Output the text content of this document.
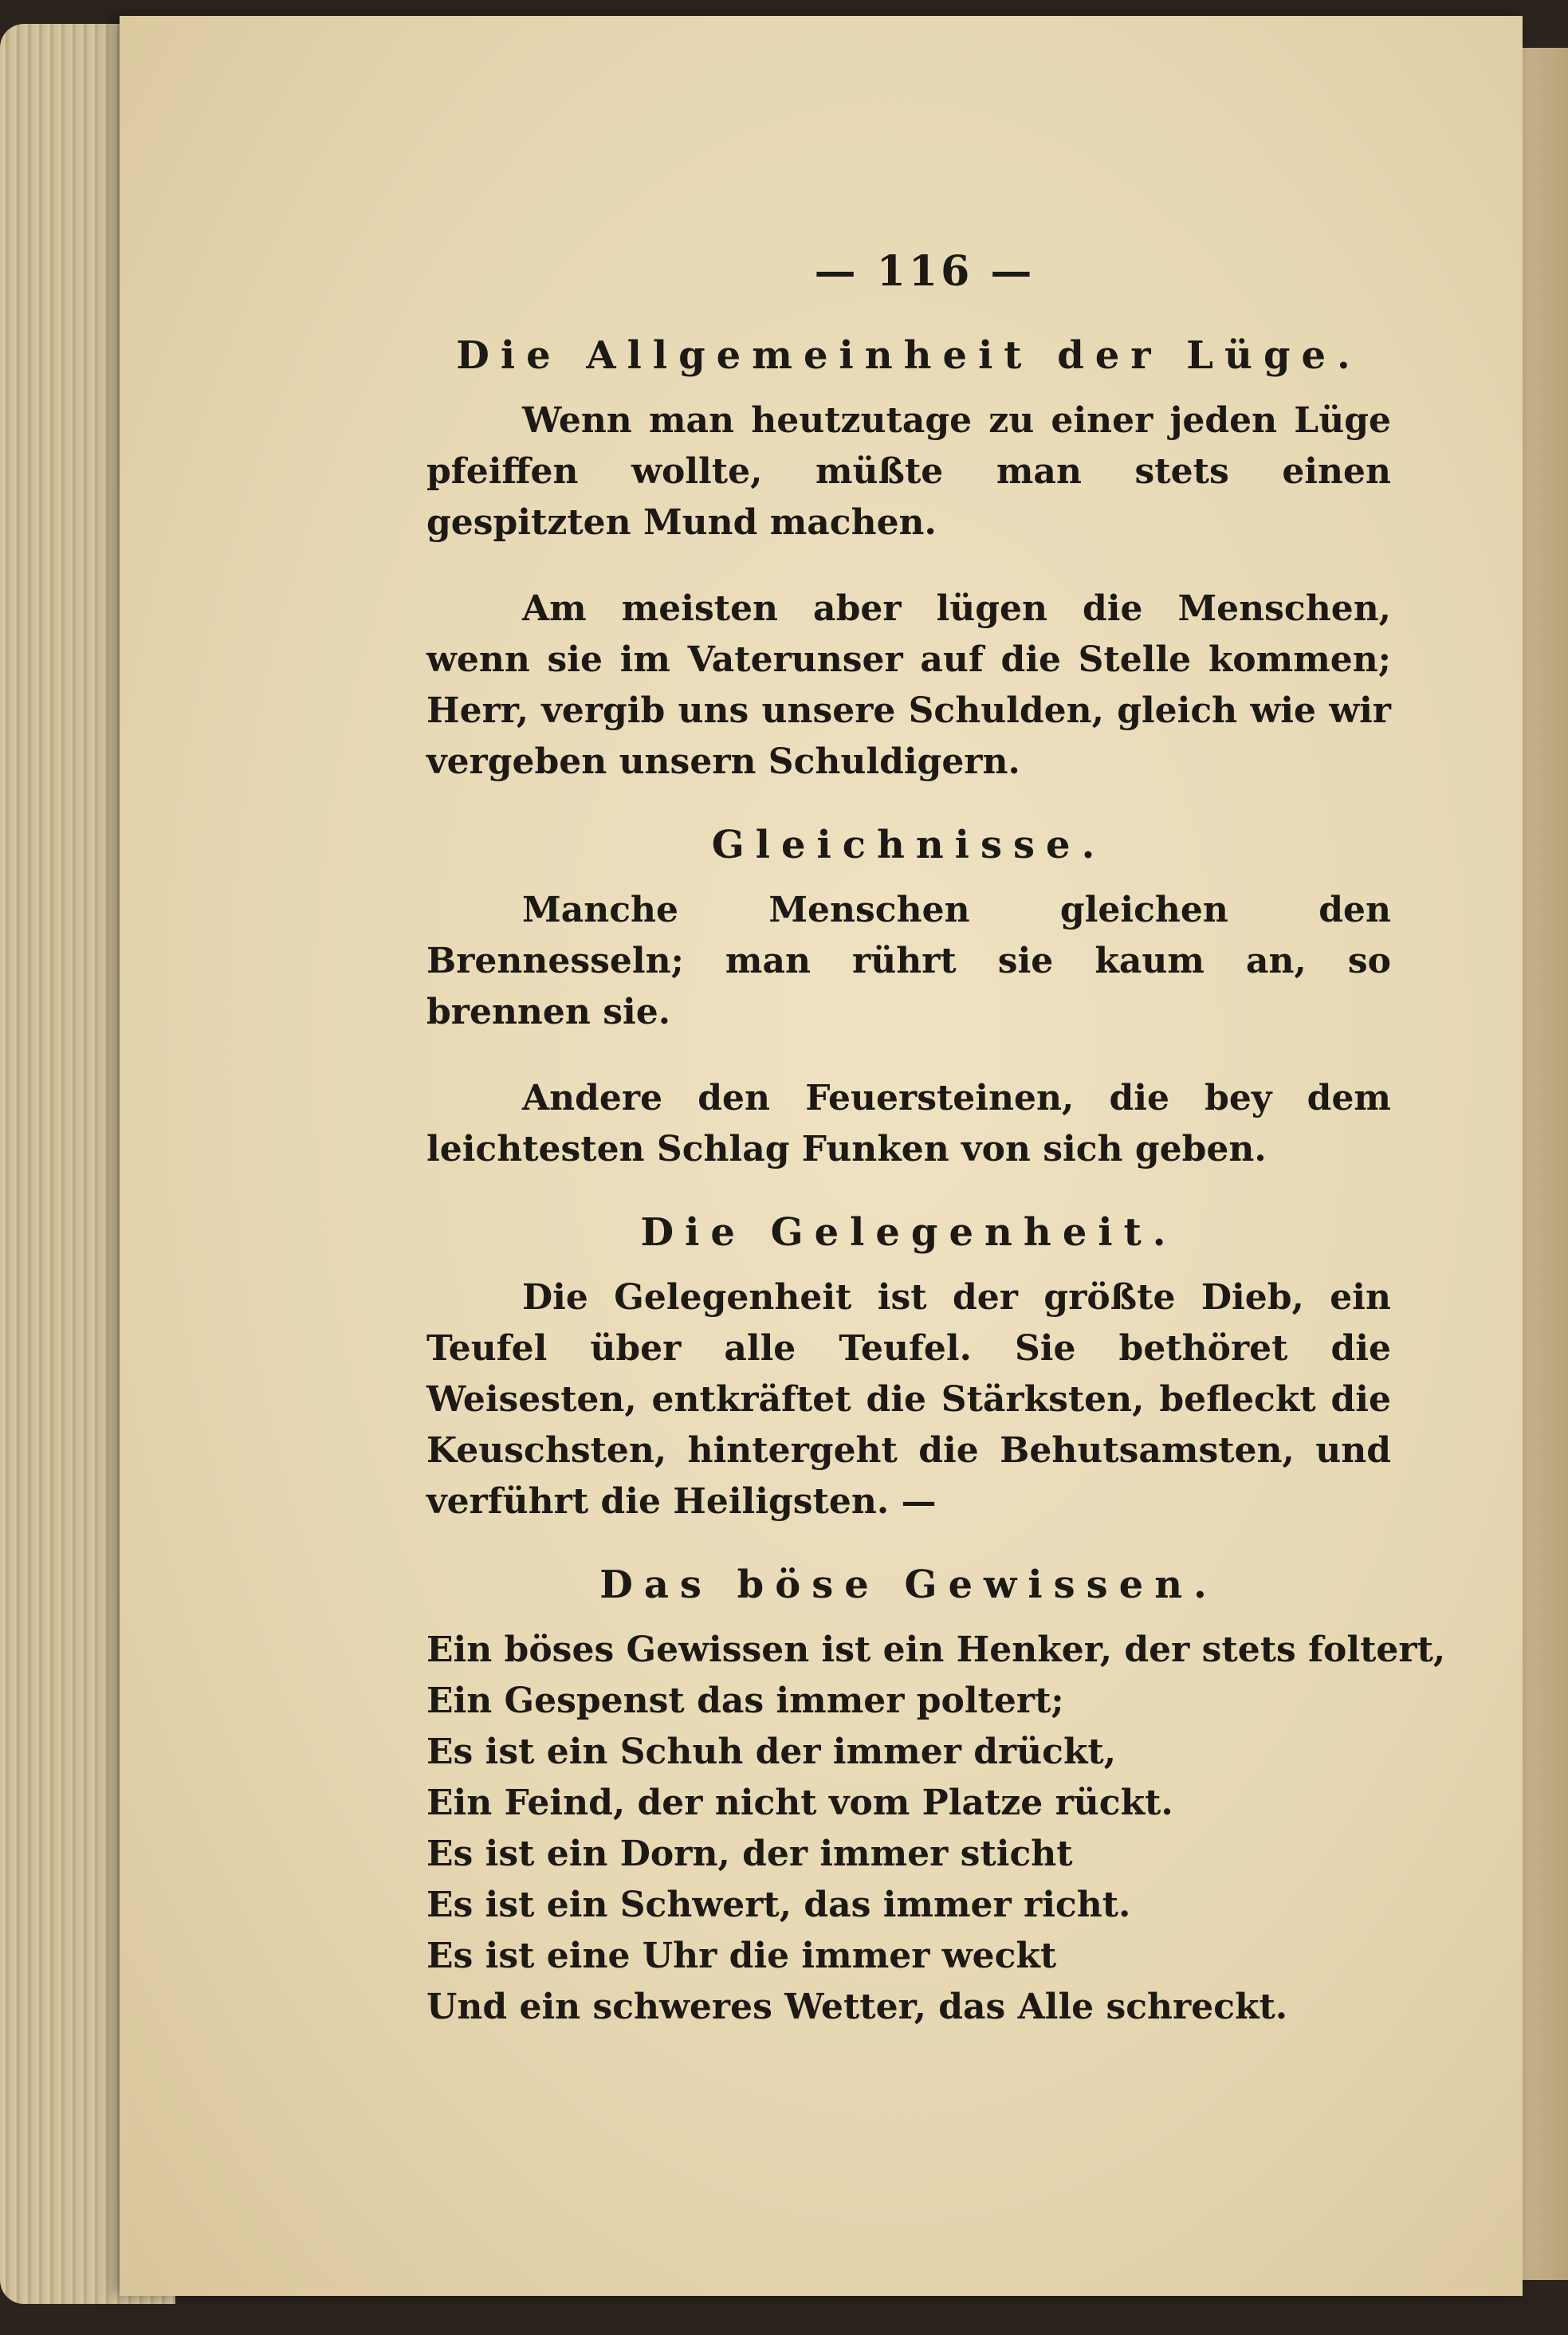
— 116 —
Die Allgemeinheit der Lüge.
Wenn man heutzutage zu einer jeden Lüge pfeiffen wollte, müßte man stets einen gespitzten Mund machen.
Am meisten aber lügen die Menschen, wenn sie im Vaterunser auf die Stelle kommen; Herr, vergib uns unsere Schulden, gleich wie wir vergeben unsern Schuldigern.
Gleichnisse.
Manche Menschen gleichen den Brennesseln; man rührt sie kaum an, so brennen sie.
Andere den Feuersteinen, die bey dem leichtesten Schlag Funken von sich geben.
Die Gelegenheit.
Die Gelegenheit ist der größte Dieb, ein Teufel über alle Teufel. Sie bethöret die Weisesten, entkräftet die Stärksten, befleckt die Keuschsten, hintergeht die Behutsamsten, und verführt die Heiligsten. —
Das böse Gewissen.
Ein böses Gewissen ist ein Henker, der stets foltert,
Ein Gespenst das immer poltert;
Es ist ein Schuh der immer drückt,
Ein Feind, der nicht vom Platze rückt.
Es ist ein Dorn, der immer sticht
Es ist ein Schwert, das immer richt.
Es ist eine Uhr die immer weckt
Und ein schweres Wetter, das Alle schreckt.
